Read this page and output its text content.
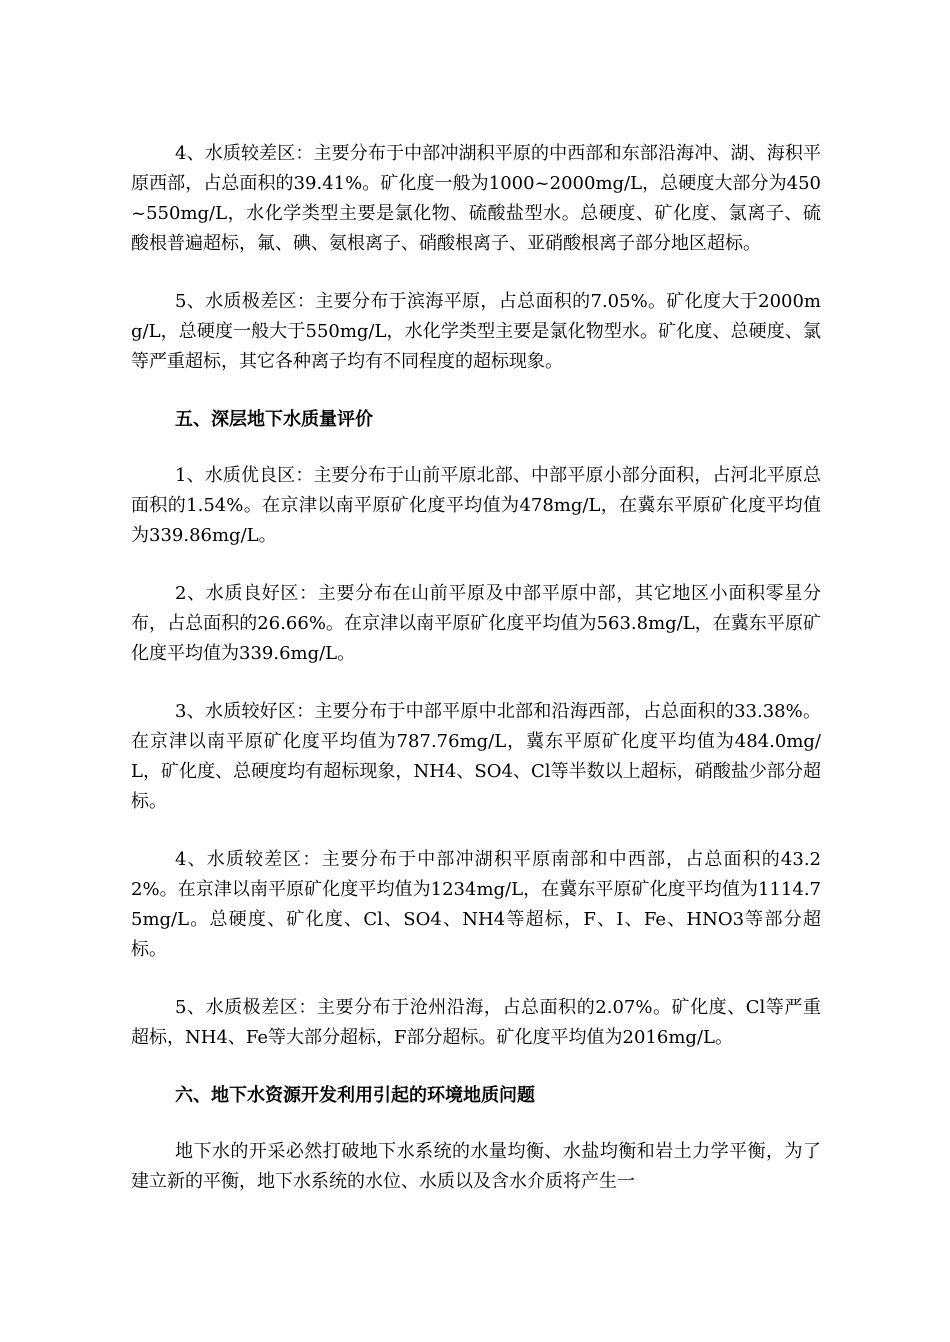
4、水质较差区：主要分布于中部冲湖积平原的中西部和东部沿海冲、湖、海积平原西部，占总面积的39.41%。矿化度一般为1000~2000mg/L，总硬度大部分为450~550mg/L，水化学类型主要是氯化物、硫酸盐型水。总硬度、矿化度、氯离子、硫酸根普遍超标，氟、碘、氨根离子、硝酸根离子、亚硝酸根离子部分地区超标。

5、水质极差区：主要分布于滨海平原，占总面积的7.05%。矿化度大于2000mg/L，总硬度一般大于550mg/L，水化学类型主要是氯化物型水。矿化度、总硬度、氯等严重超标，其它各种离子均有不同程度的超标现象。

五、深层地下水质量评价

1、水质优良区：主要分布于山前平原北部、中部平原小部分面积，占河北平原总面积的1.54%。在京津以南平原矿化度平均值为478mg/L，在冀东平原矿化度平均值为339.86mg/L。

2、水质良好区：主要分布在山前平原及中部平原中部，其它地区小面积零星分布，占总面积的26.66%。在京津以南平原矿化度平均值为563.8mg/L，在冀东平原矿化度平均值为339.6mg/L。

3、水质较好区：主要分布于中部平原中北部和沿海西部，占总面积的33.38%。在京津以南平原矿化度平均值为787.76mg/L，冀东平原矿化度平均值为484.0mg/L，矿化度、总硬度均有超标现象，NH4、SO4、Cl等半数以上超标，硝酸盐少部分超标。

4、水质较差区：主要分布于中部冲湖积平原南部和中西部，占总面积的43.22%。在京津以南平原矿化度平均值为1234mg/L，在冀东平原矿化度平均值为1114.75mg/L。总硬度、矿化度、Cl、SO4、NH4等超标，F、I、Fe、HNO3等部分超标。

5、水质极差区：主要分布于沧州沿海，占总面积的2.07%。矿化度、Cl等严重超标，NH4、Fe等大部分超标，F部分超标。矿化度平均值为2016mg/L。

六、地下水资源开发利用引起的环境地质问题

地下水的开采必然打破地下水系统的水量均衡、水盐均衡和岩土力学平衡，为了建立新的平衡，地下水系统的水位、水质以及含水介质将产生一
